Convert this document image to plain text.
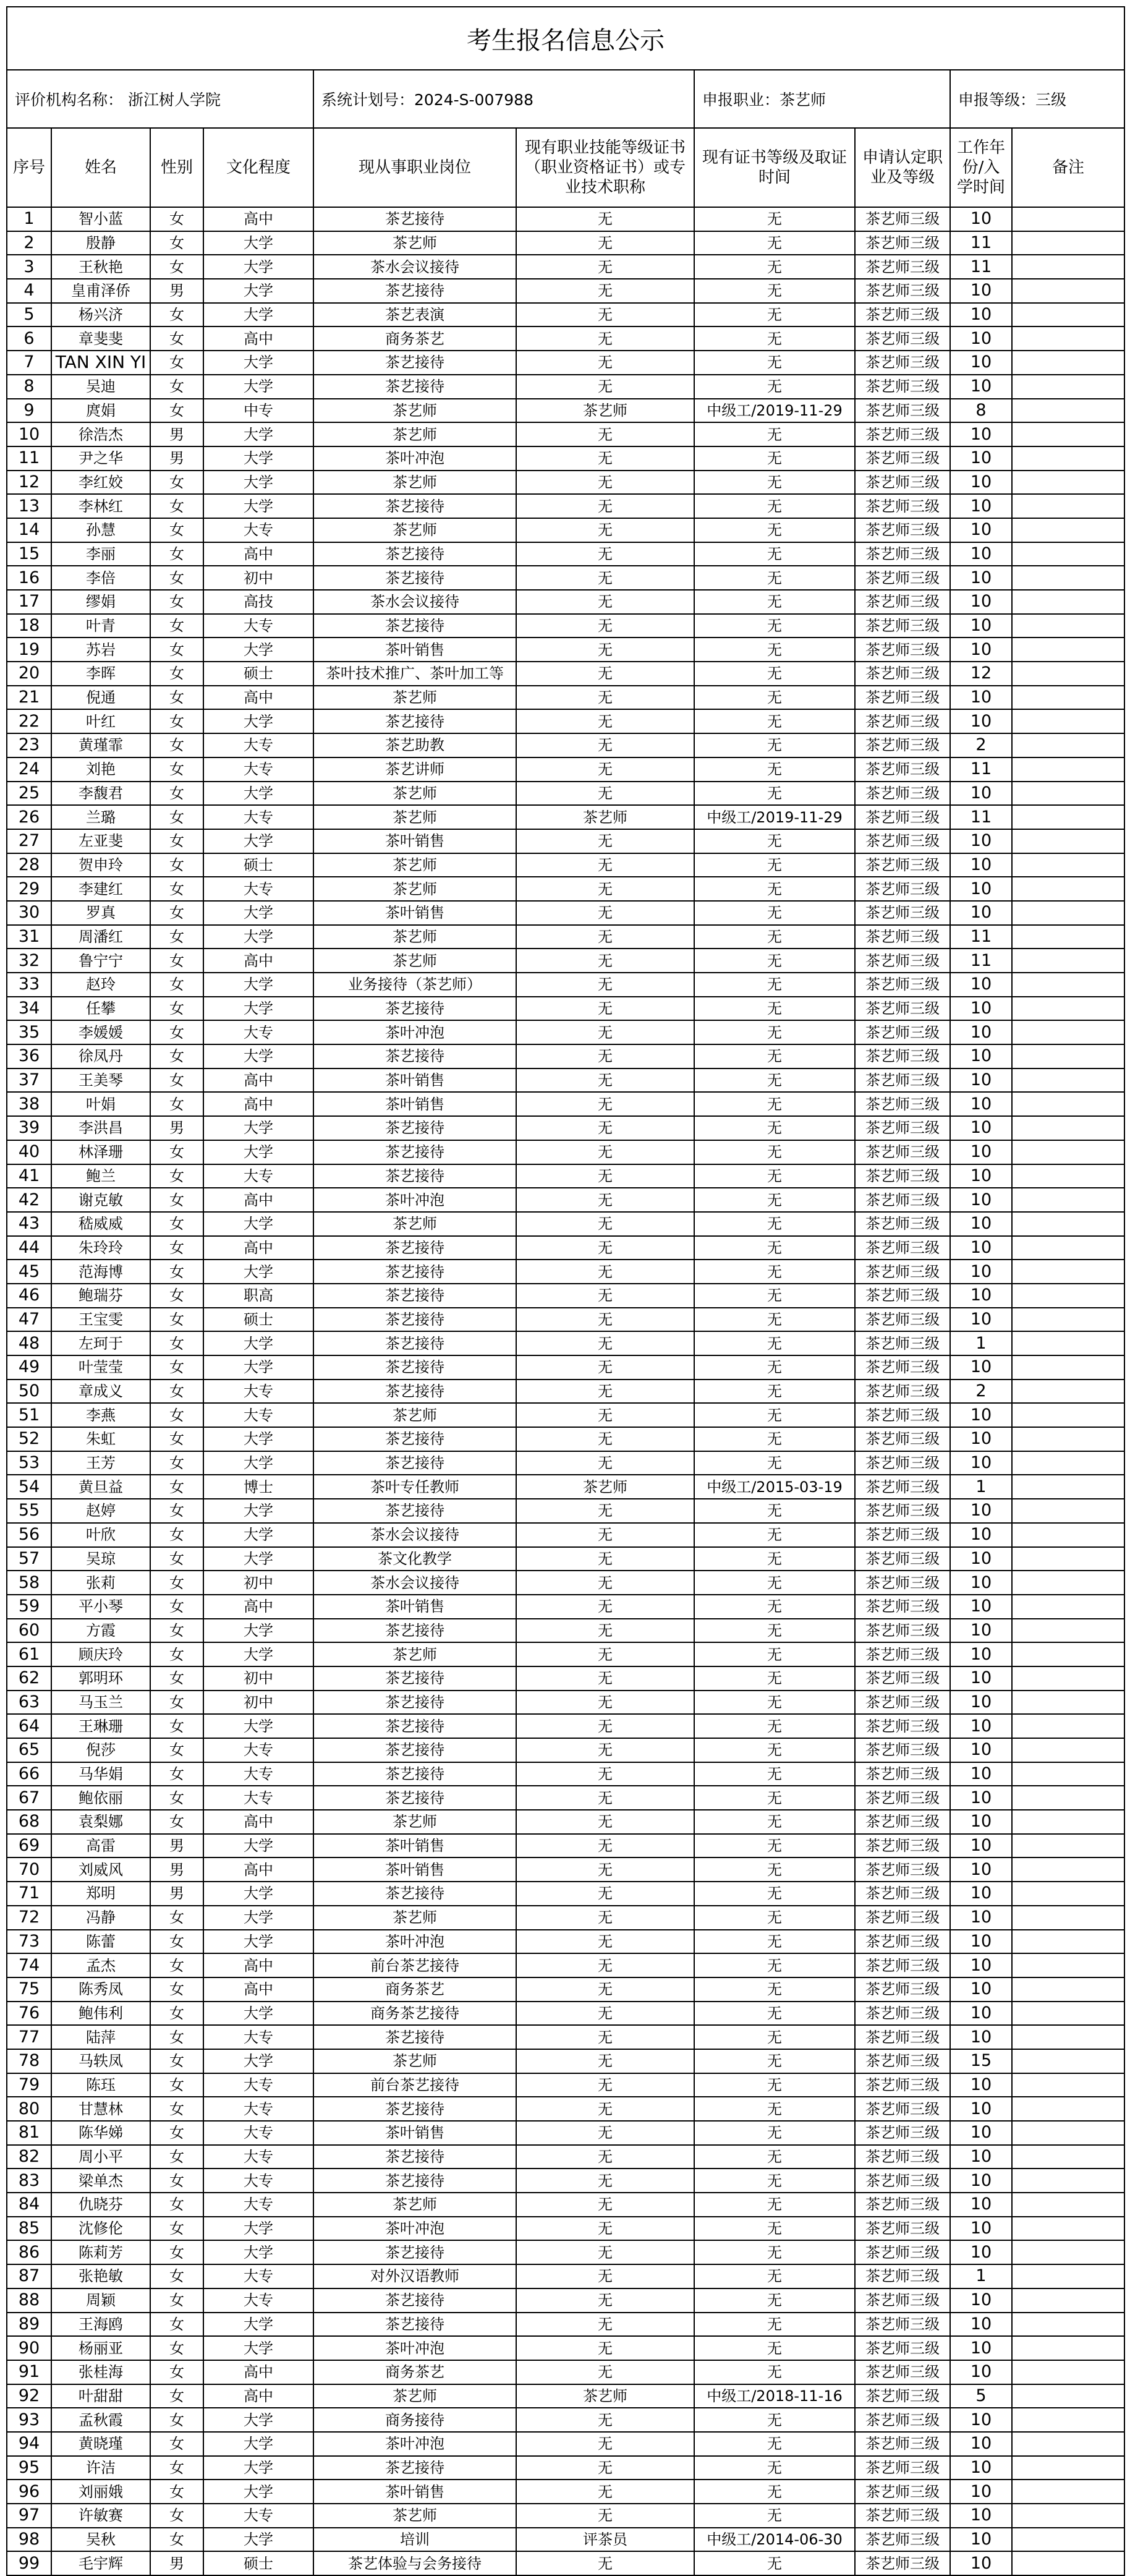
考生报名信息公示									
评价机构名称： 浙江树人学院				系统计划号：2024-S-007988		申报职业：茶艺师		申报等级：三级	
序号	姓名	性别	文化程度	现从事职业岗位	现有职业技能等级证书（职业资格证书）或专业技术职称	现有证书等级及取证时间	申请认定职业及等级	工作年份/入学时间	备注
1	智小蓝	女	高中	茶艺接待	无	无	茶艺师三级	10	
2	殷静	女	大学	茶艺师	无	无	茶艺师三级	11	
3	王秋艳	女	大学	茶水会议接待	无	无	茶艺师三级	11	
4	皇甫泽侨	男	大学	茶艺接待	无	无	茶艺师三级	10	
5	杨兴济	女	大学	茶艺表演	无	无	茶艺师三级	10	
6	章斐斐	女	高中	商务茶艺	无	无	茶艺师三级	10	
7	TAN XIN YI	女	大学	茶艺接待	无	无	茶艺师三级	10	
8	吴迪	女	大学	茶艺接待	无	无	茶艺师三级	10	
9	庹娟	女	中专	茶艺师	茶艺师	中级工/2019-11-29	茶艺师三级	8	
10	徐浩杰	男	大学	茶艺师	无	无	茶艺师三级	10	
11	尹之华	男	大学	茶叶冲泡	无	无	茶艺师三级	10	
12	李红姣	女	大学	茶艺师	无	无	茶艺师三级	10	
13	李林红	女	大学	茶艺接待	无	无	茶艺师三级	10	
14	孙慧	女	大专	茶艺师	无	无	茶艺师三级	10	
15	李丽	女	高中	茶艺接待	无	无	茶艺师三级	10	
16	李倍	女	初中	茶艺接待	无	无	茶艺师三级	10	
17	缪娟	女	高技	茶水会议接待	无	无	茶艺师三级	10	
18	叶青	女	大专	茶艺接待	无	无	茶艺师三级	10	
19	苏岩	女	大学	茶叶销售	无	无	茶艺师三级	10	
20	李晖	女	硕士	茶叶技术推广、茶叶加工等	无	无	茶艺师三级	12	
21	倪通	女	高中	茶艺师	无	无	茶艺师三级	10	
22	叶红	女	大学	茶艺接待	无	无	茶艺师三级	10	
23	黄瑾霏	女	大专	茶艺助教	无	无	茶艺师三级	2	
24	刘艳	女	大专	茶艺讲师	无	无	茶艺师三级	11	
25	李馥君	女	大学	茶艺师	无	无	茶艺师三级	10	
26	兰璐	女	大专	茶艺师	茶艺师	中级工/2019-11-29	茶艺师三级	11	
27	左亚斐	女	大学	茶叶销售	无	无	茶艺师三级	10	
28	贺申玲	女	硕士	茶艺师	无	无	茶艺师三级	10	
29	李建红	女	大专	茶艺师	无	无	茶艺师三级	10	
30	罗真	女	大学	茶叶销售	无	无	茶艺师三级	10	
31	周潘红	女	大学	茶艺师	无	无	茶艺师三级	11	
32	鲁宁宁	女	高中	茶艺师	无	无	茶艺师三级	11	
33	赵玲	女	大学	业务接待（茶艺师）	无	无	茶艺师三级	10	
34	任攀	女	大学	茶艺接待	无	无	茶艺师三级	10	
35	李媛媛	女	大专	茶叶冲泡	无	无	茶艺师三级	10	
36	徐凤丹	女	大学	茶艺接待	无	无	茶艺师三级	10	
37	王美琴	女	高中	茶叶销售	无	无	茶艺师三级	10	
38	叶娟	女	高中	茶叶销售	无	无	茶艺师三级	10	
39	李洪昌	男	大学	茶艺接待	无	无	茶艺师三级	10	
40	林泽珊	女	大学	茶艺接待	无	无	茶艺师三级	10	
41	鲍兰	女	大专	茶艺接待	无	无	茶艺师三级	10	
42	谢克敏	女	高中	茶叶冲泡	无	无	茶艺师三级	10	
43	嵇威威	女	大学	茶艺师	无	无	茶艺师三级	10	
44	朱玲玲	女	高中	茶艺接待	无	无	茶艺师三级	10	
45	范海博	女	大学	茶艺接待	无	无	茶艺师三级	10	
46	鲍瑞芬	女	职高	茶艺接待	无	无	茶艺师三级	10	
47	王宝雯	女	硕士	茶艺接待	无	无	茶艺师三级	10	
48	左珂于	女	大学	茶艺接待	无	无	茶艺师三级	1	
49	叶莹莹	女	大学	茶艺接待	无	无	茶艺师三级	10	
50	章成义	女	大专	茶艺接待	无	无	茶艺师三级	2	
51	李燕	女	大专	茶艺师	无	无	茶艺师三级	10	
52	朱虹	女	大学	茶艺接待	无	无	茶艺师三级	10	
53	王芳	女	大学	茶艺接待	无	无	茶艺师三级	10	
54	黄旦益	女	博士	茶叶专任教师	茶艺师	中级工/2015-03-19	茶艺师三级	1	
55	赵婷	女	大学	茶艺接待	无	无	茶艺师三级	10	
56	叶欣	女	大学	茶水会议接待	无	无	茶艺师三级	10	
57	吴琼	女	大学	茶文化教学	无	无	茶艺师三级	10	
58	张莉	女	初中	茶水会议接待	无	无	茶艺师三级	10	
59	平小琴	女	高中	茶叶销售	无	无	茶艺师三级	10	
60	方霞	女	大学	茶艺接待	无	无	茶艺师三级	10	
61	顾庆玲	女	大学	茶艺师	无	无	茶艺师三级	10	
62	郭明环	女	初中	茶艺接待	无	无	茶艺师三级	10	
63	马玉兰	女	初中	茶艺接待	无	无	茶艺师三级	10	
64	王琳珊	女	大学	茶艺接待	无	无	茶艺师三级	10	
65	倪莎	女	大专	茶艺接待	无	无	茶艺师三级	10	
66	马华娟	女	大专	茶艺接待	无	无	茶艺师三级	10	
67	鲍依丽	女	大专	茶艺接待	无	无	茶艺师三级	10	
68	袁梨娜	女	高中	茶艺师	无	无	茶艺师三级	10	
69	高雷	男	大学	茶叶销售	无	无	茶艺师三级	10	
70	刘威风	男	高中	茶叶销售	无	无	茶艺师三级	10	
71	郑明	男	大学	茶艺接待	无	无	茶艺师三级	10	
72	冯静	女	大学	茶艺师	无	无	茶艺师三级	10	
73	陈蕾	女	大学	茶叶冲泡	无	无	茶艺师三级	10	
74	孟杰	女	高中	前台茶艺接待	无	无	茶艺师三级	10	
75	陈秀凤	女	高中	商务茶艺	无	无	茶艺师三级	10	
76	鲍伟利	女	大学	商务茶艺接待	无	无	茶艺师三级	10	
77	陆萍	女	大专	茶艺接待	无	无	茶艺师三级	10	
78	马轶凤	女	大学	茶艺师	无	无	茶艺师三级	15	
79	陈珏	女	大专	前台茶艺接待	无	无	茶艺师三级	10	
80	甘慧林	女	大专	茶艺接待	无	无	茶艺师三级	10	
81	陈华娣	女	大专	茶叶销售	无	无	茶艺师三级	10	
82	周小平	女	大专	茶艺接待	无	无	茶艺师三级	10	
83	梁单杰	女	大专	茶艺接待	无	无	茶艺师三级	10	
84	仇晓芬	女	大专	茶艺师	无	无	茶艺师三级	10	
85	沈修伦	女	大学	茶叶冲泡	无	无	茶艺师三级	10	
86	陈莉芳	女	大学	茶艺接待	无	无	茶艺师三级	10	
87	张艳敏	女	大专	对外汉语教师	无	无	茶艺师三级	1	
88	周颖	女	大专	茶艺接待	无	无	茶艺师三级	10	
89	王海鸥	女	大学	茶艺接待	无	无	茶艺师三级	10	
90	杨丽亚	女	大学	茶叶冲泡	无	无	茶艺师三级	10	
91	张桂海	女	高中	商务茶艺	无	无	茶艺师三级	10	
92	叶甜甜	女	高中	茶艺师	茶艺师	中级工/2018-11-16	茶艺师三级	5	
93	孟秋霞	女	大学	商务接待	无	无	茶艺师三级	10	
94	黄晓瑾	女	大学	茶叶冲泡	无	无	茶艺师三级	10	
95	许洁	女	大学	茶艺接待	无	无	茶艺师三级	10	
96	刘丽娥	女	大学	茶叶销售	无	无	茶艺师三级	10	
97	许敏赛	女	大专	茶艺师	无	无	茶艺师三级	10	
98	吴秋	女	大学	培训	评茶员	中级工/2014-06-30	茶艺师三级	10	
99	毛宇辉	男	硕士	茶艺体验与会务接待	无	无	茶艺师三级	10	
